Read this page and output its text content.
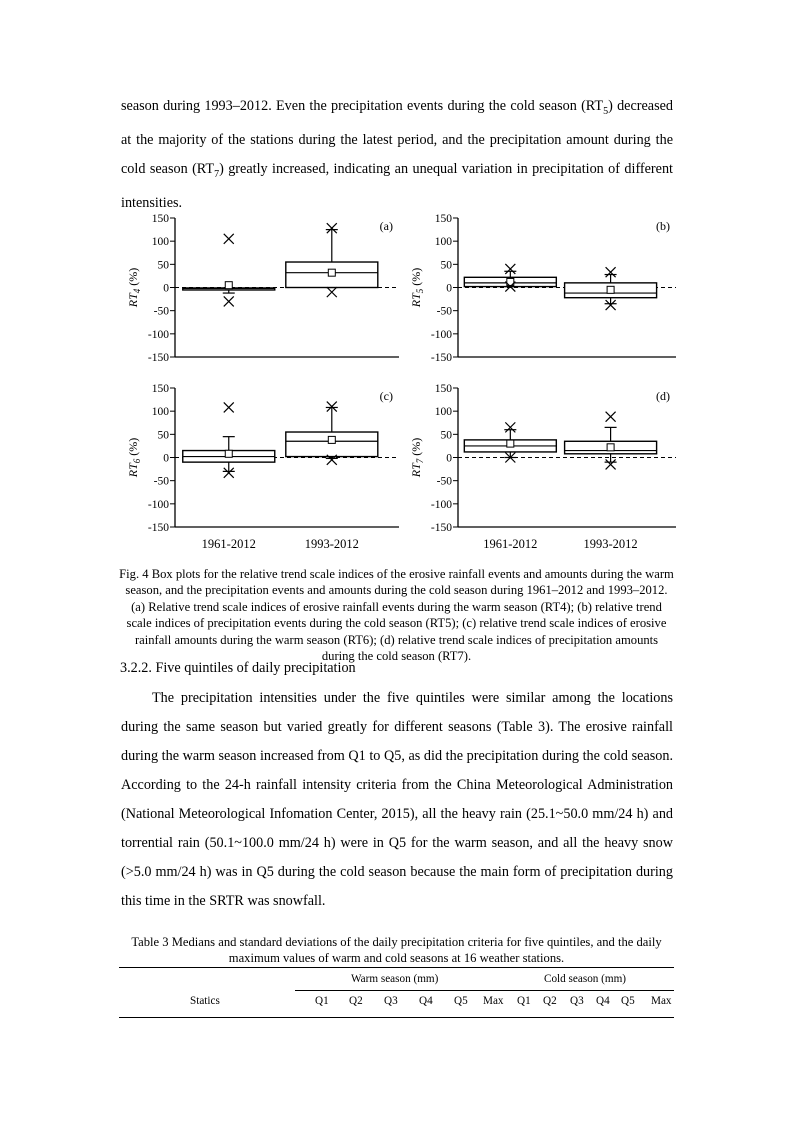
season during 1993–2012. Even the precipitation events during the cold season $(RT_5)$ decreased at the majority of the stations during the latest period, and the precipitation amount during the cold season $(RT_7)$ greatly increased, indicating an unequal variation in precipitation of different intensities.

150
100
50
0
-50
-100
-150
(a)
$RT_4$ (%)
150
100
50
0
-50
-100
-150
(b)
$RT_5$ (%)
150
100
50
0
-50
-100
-150
(c)
$RT_6$ (%)
1961-2012	1993-2012
150
100
50
0
-50
-100
-150
(d)
$RT_7$ (%)
1961-2012	1993-2012

Fig. 4 Box plots for the relative trend scale indices of the erosive rainfall events and amounts during the warm season, and the precipitation events and amounts during the cold season during 1961–2012 and 1993–2012. (a) Relative trend scale indices of erosive rainfall events during the warm season (RT4); (b) relative trend scale indices of precipitation events during the cold season (RT5); (c) relative trend scale indices of erosive rainfall amounts during the warm season (RT6); (d) relative trend scale indices of precipitation amounts during the cold season (RT7).

3.2.2. Five quintiles of daily precipitation

The precipitation intensities under the five quintiles were similar among the locations during the same season but varied greatly for different seasons (Table 3). The erosive rainfall during the warm season increased from Q1 to Q5, as did the precipitation during the cold season. According to the 24-h rainfall intensity criteria from the China Meteorological Administration (National Meteorological Infomation Center, 2015), all the heavy rain (25.1~50.0 mm/24 h) and torrential rain (50.1~100.0 mm/24 h) were in Q5 for the warm season, and all the heavy snow (>5.0 mm/24 h) was in Q5 during the cold season because the main form of precipitation during this time in the SRTR was snowfall.

Table 3 Medians and standard deviations of the daily precipitation criteria for five quintiles, and the daily maximum values of warm and cold seasons at 16 weather stations.

Warm season (mm)	Cold season (mm)
Statics	Q1 Q2 Q3 Q4 Q5 Max Q1 Q2 Q3 Q4 Q5 Max
